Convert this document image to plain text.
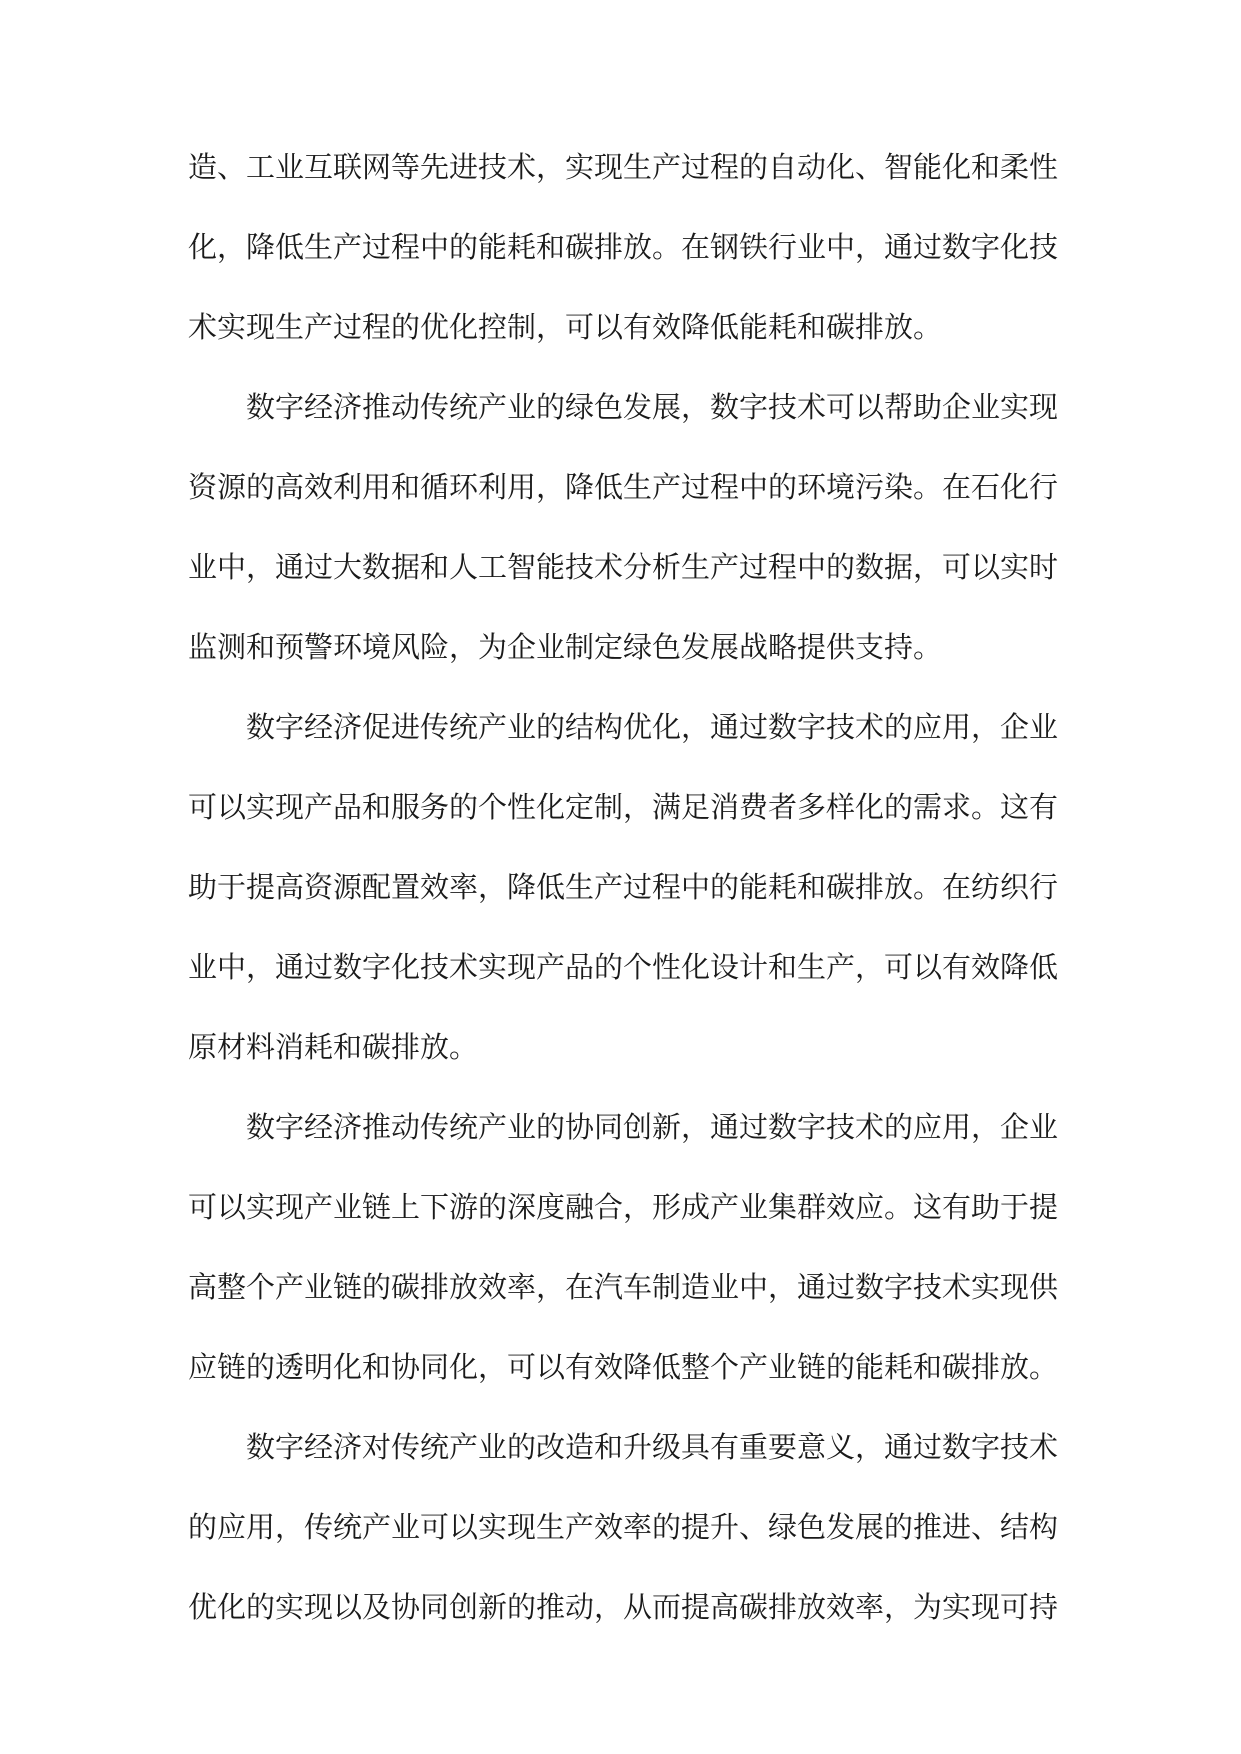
造、工业互联网等先进技术，实现生产过程的自动化、智能化和柔性
化，降低生产过程中的能耗和碳排放。在钢铁行业中，通过数字化技
术实现生产过程的优化控制，可以有效降低能耗和碳排放。
数字经济推动传统产业的绿色发展，数字技术可以帮助企业实现
资源的高效利用和循环利用，降低生产过程中的环境污染。在石化行
业中，通过大数据和人工智能技术分析生产过程中的数据，可以实时
监测和预警环境风险，为企业制定绿色发展战略提供支持。
数字经济促进传统产业的结构优化，通过数字技术的应用，企业
可以实现产品和服务的个性化定制，满足消费者多样化的需求。这有
助于提高资源配置效率，降低生产过程中的能耗和碳排放。在纺织行
业中，通过数字化技术实现产品的个性化设计和生产，可以有效降低
原材料消耗和碳排放。
数字经济推动传统产业的协同创新，通过数字技术的应用，企业
可以实现产业链上下游的深度融合，形成产业集群效应。这有助于提
高整个产业链的碳排放效率，在汽车制造业中，通过数字技术实现供
应链的透明化和协同化，可以有效降低整个产业链的能耗和碳排放。
数字经济对传统产业的改造和升级具有重要意义，通过数字技术
的应用，传统产业可以实现生产效率的提升、绿色发展的推进、结构
优化的实现以及协同创新的推动，从而提高碳排放效率，为实现可持
